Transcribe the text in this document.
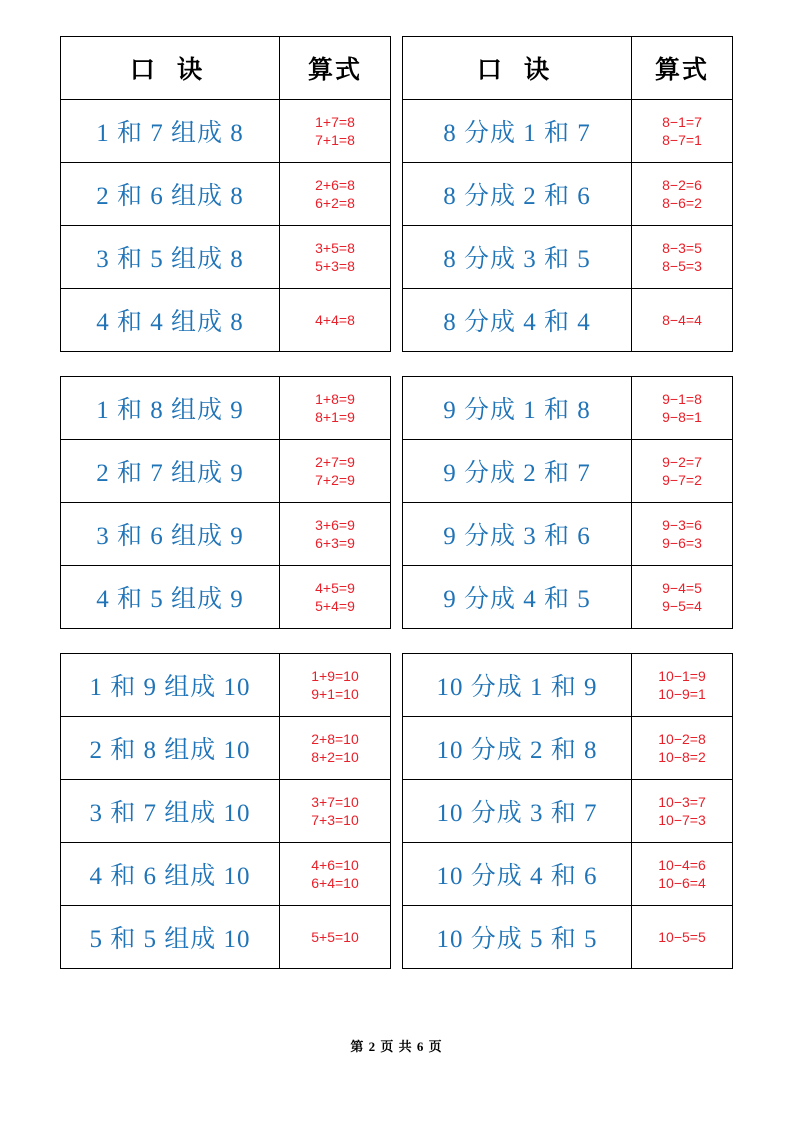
口 诀	算式
1 和 7 组成 8	1+7=8
7+1=8

2 和 6 组成 8	2+6=8
6+2=8

3 和 5 组成 8	3+5=8
5+3=8

4 和 4 组成 8	4+4=8
1 和 8 组成 9	1+8=9
8+1=9

2 和 7 组成 9	2+7=9
7+2=9

3 和 6 组成 9	3+6=9
6+3=9

4 和 5 组成 9	4+5=9
5+4=9
1 和 9 组成 10	1+9=10
9+1=10

2 和 8 组成 10	2+8=10
8+2=10

3 和 7 组成 10	3+7=10
7+3=10

4 和 6 组成 10	4+6=10
6+4=10

5 和 5 组成 10	5+5=10
口 诀	算式
8 分成 1 和 7	8−1=7
8−7=1

8 分成 2 和 6	8−2=6
8−6=2

8 分成 3 和 5	8−3=5
8−5=3

8 分成 4 和 4	8−4=4
9 分成 1 和 8	9−1=8
9−8=1

9 分成 2 和 7	9−2=7
9−7=2

9 分成 3 和 6	9−3=6
9−6=3

9 分成 4 和 5	9−4=5
9−5=4
10 分成 1 和 9	10−1=9
10−9=1

10 分成 2 和 8	10−2=8
10−8=2

10 分成 3 和 7	10−3=7
10−7=3

10 分成 4 和 6	10−4=6
10−6=4

10 分成 5 和 5	10−5=5
第 2 页 共 6 页
